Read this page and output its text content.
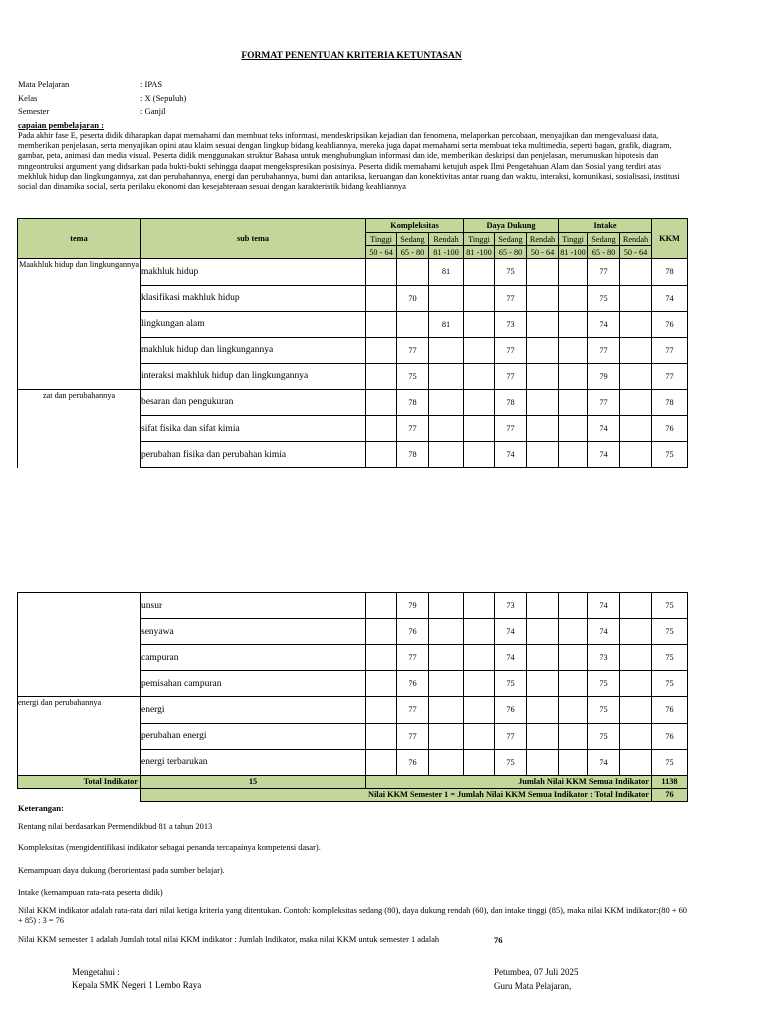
FORMAT PENENTUAN KRITERIA KETUNTASAN
Mata Pelajaran	: IPAS
Kelas	: X (Sepuluh)
Semester	: Ganjil
capaian pembelajaran :
Pada akhir fase E, peserta didik diharapkan dapat memahami dan membuat teks informasi, mendeskripsikan kejadian dan fenomena, melaporkan percobaan, menyajikan dan mengevaluasi data, memberikan penjelasan, serta menyajikan opini atau klaim sesuai dengan lingkup bidang keahliannya, mereka juga dapat memahami serta membuat teka multimedia, seperti bagan, grafik, diagram, gambar, peta, animasi dan media visual. Peserta didik menggunakan struktur Bahasa untuk menghubungkan informasi dan ide, memberikan deskripsi dan penjelasan, merumuskan hipotesis dan mngeontruksi argument yang didsarkan pada bukti-bukti sehingga daapat mengekspresikan posisinya. Peserta didik memahami ketujuh aspek Ilmi Pengetahuan Alam dan Sosial yang terdiri atas mekhluk hidup dan lingkungannya, zat dan perubahannya, energi dan perubahannya, bumi dan antariksa, keruangan dan konektivitas antar ruang dan waktu, interaksi, komunikasi, sosialisasi, institusi social dan dinamika social, serta perilaku ekonomi dan kesejahteraan sesuai dengan karakteristik bidang keahliannya
tema	sub tema	Kompleksitas			Daya Dukung			Intake			KKM
		Tinggi	Sedang	Rendah	Tinggi	Sedang	Rendah	Tinggi	Sedang	Rendah	
		50 - 64	65 - 80	81 -100	81 -100	65 - 80	50 - 64	81 -100	65 - 80	50 - 64	
Maakhluk hidup dan lingkungannya	makhluk hidup			81		75			77		78
	klasifikasi makhluk hidup		70			77			75		74
	lingkungan alam			81		73			74		76
	makhluk hidup dan lingkungannya		77			77			77		77
	interaksi makhluk hidup dan lingkungannya		75			77			79		77
zat dan perubahannya	besaran dan pengukuran		78			78			77		78
	sifat fisika dan sifat kimia		77			77			74		76
	perubahan fisika dan perubahan kimia		78			74			74		75
	unsur		79			73			74		75
	senyawa		76			74			74		75
	campuran		77			74			73		75
	pemisahan campuran		76			75			75		75
energi dan perubahannya	energi		77			76			75		76
	perubahan energi		77			77			75		76
	energi terbarukan		76			75			74		75
Total Indikator	15	Jumlah Nilai KKM Semua Indikator									1138
	Nilai KKM Semester 1 = Jumlah Nilai KKM Semua Indikator : Total Indikator										76
Keterangan:
Rentang nilai berdasarkan Permendikbud 81 a tahun 2013
Kompleksitas (mengidentifikasi indikator sebagai penanda tercapainya kompetensi dasar).
Kemampuan daya dukung (berorientasi pada sumber belajar).
Intake (kemampuan rata-rata peserta didik)
Nilai KKM indikator adalah rata-rata dari nilai ketiga kriteria yang ditentukan. Contoh: kompleksitas sedang (80), daya dukung rendah (60), dan intake tinggi (85), maka nilai KKM indikator:(80 + 60 + 85) : 3 = 76
Nilai KKM semester 1 adalah Jumlah total nilai KKM indikator : Jumlah Indikator, maka nilai KKM untuk semester 1 adalah	76
Mengetahui :
Kepala SMK Negeri 1 Lembo Raya
Petumbea, 07 Juli 2025
Guru Mata Pelajaran,
